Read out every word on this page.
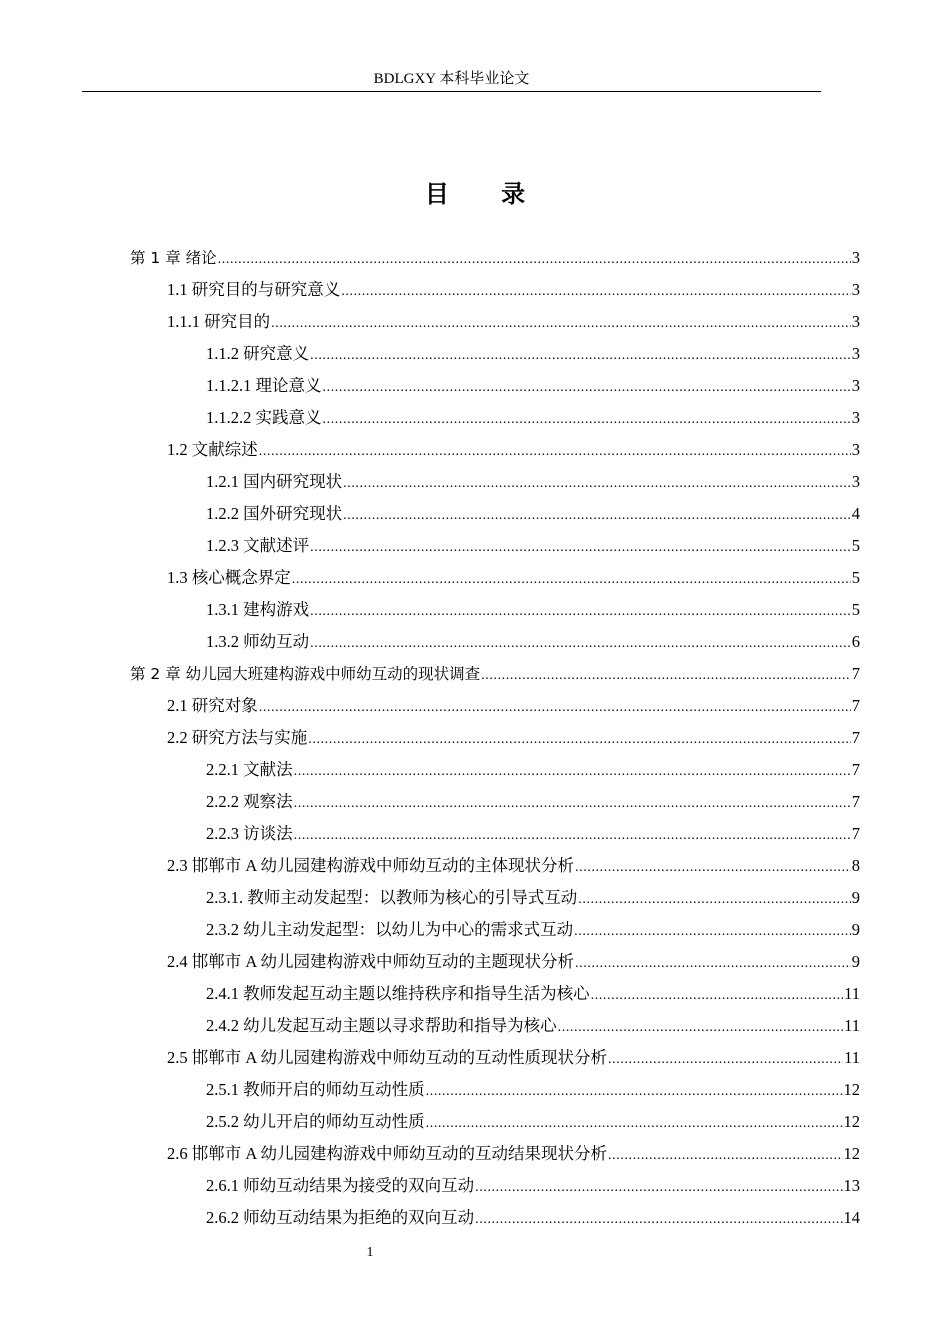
BDLGXY 本科毕业论文
目 录
第 1 章 绪论 .....	3
1.1 研究目的与研究意义 .....	3
1.1.1 研究目的 .....	3
1.1.2 研究意义 .....	3
1.1.2.1 理论意义 .....	3
1.1.2.2 实践意义 .....	3
1.2 文献综述 .....	3
1.2.1 国内研究现状 .....	3
1.2.2 国外研究现状 .....	4
1.2.3 文献述评 .....	5
1.3 核心概念界定 .....	5
1.3.1 建构游戏 .....	5
1.3.2 师幼互动 .....	6
第 2 章 幼儿园大班建构游戏中师幼互动的现状调查 .....	7
2.1 研究对象 .....	7
2.2 研究方法与实施 .....	7
2.2.1 文献法 .....	7
2.2.2 观察法 .....	7
2.2.3 访谈法 .....	7
2.3 邯郸市 A 幼儿园建构游戏中师幼互动的主体现状分析 .....	8
2.3.1. 教师主动发起型：以教师为核心的引导式互动 .....	9
2.3.2 幼儿主动发起型：以幼儿为中心的需求式互动 .....	9
2.4 邯郸市 A 幼儿园建构游戏中师幼互动的主题现状分析 .....	9
2.4.1 教师发起互动主题以维持秩序和指导生活为核心 .....	11
2.4.2 幼儿发起互动主题以寻求帮助和指导为核心 .....	11
2.5 邯郸市 A 幼儿园建构游戏中师幼互动的互动性质现状分析 .....	11
2.5.1 教师开启的师幼互动性质 .....	12
2.5.2 幼儿开启的师幼互动性质 .....	12
2.6 邯郸市 A 幼儿园建构游戏中师幼互动的互动结果现状分析 .....	12
2.6.1 师幼互动结果为接受的双向互动 .....	13
2.6.2 师幼互动结果为拒绝的双向互动 .....	14
1
